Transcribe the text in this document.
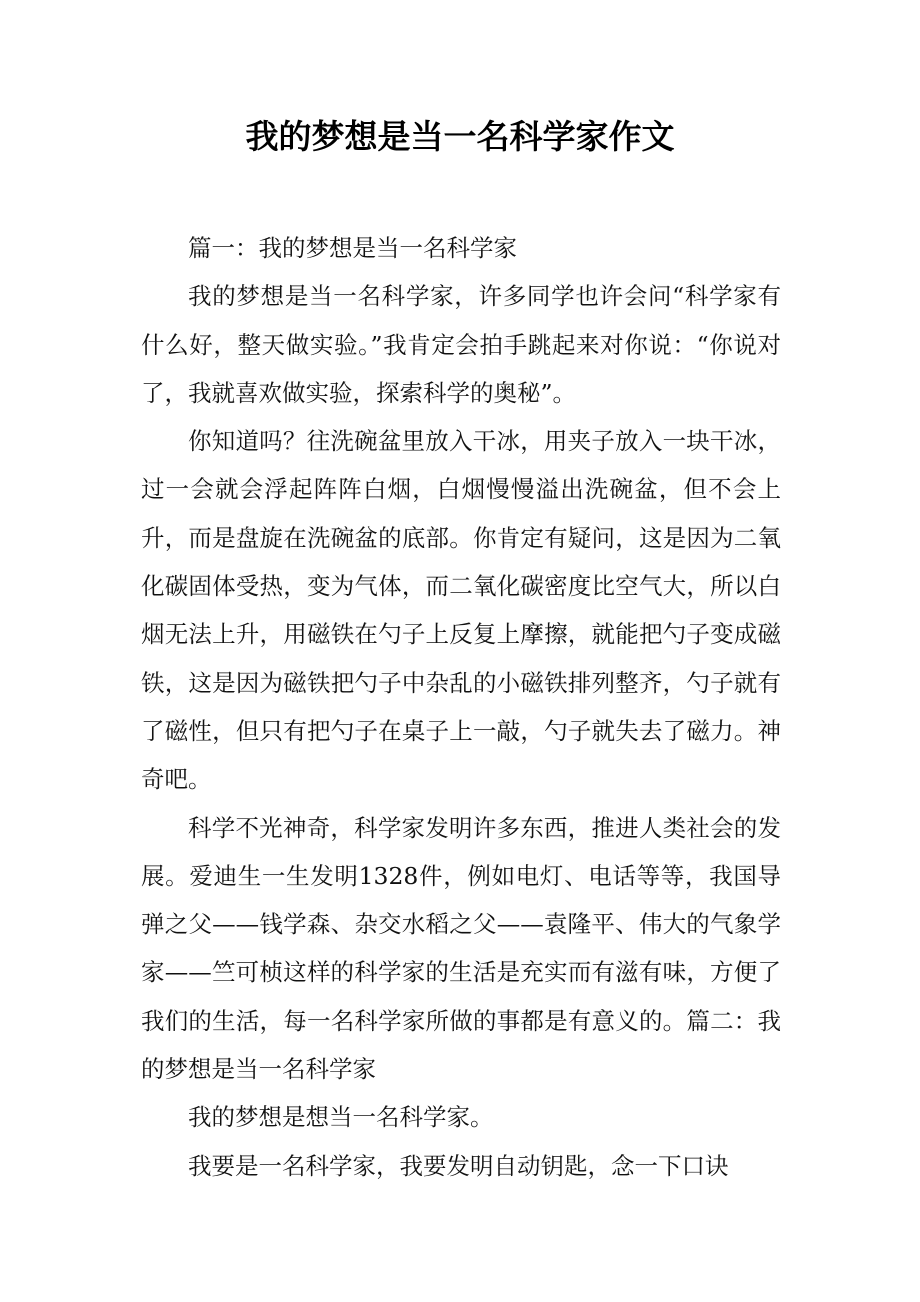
我的梦想是当一名科学家作文

篇一：我的梦想是当一名科学家

我的梦想是当一名科学家，许多同学也许会问“科学家有什么好，整天做实验。”我肯定会拍手跳起来对你说：“你说对了，我就喜欢做实验，探索科学的奥秘”。

你知道吗？往洗碗盆里放入干冰，用夹子放入一块干冰，过一会就会浮起阵阵白烟，白烟慢慢溢出洗碗盆，但不会上升，而是盘旋在洗碗盆的底部。你肯定有疑问，这是因为二氧化碳固体受热，变为气体，而二氧化碳密度比空气大，所以白烟无法上升，用磁铁在勺子上反复上摩擦，就能把勺子变成磁铁，这是因为磁铁把勺子中杂乱的小磁铁排列整齐，勺子就有了磁性，但只有把勺子在桌子上一敲，勺子就失去了磁力。神奇吧。

科学不光神奇，科学家发明许多东西，推进人类社会的发展。爱迪生一生发明1328件，例如电灯、电话等等，我国导弹之父——钱学森、杂交水稻之父——袁隆平、伟大的气象学家——竺可桢这样的科学家的生活是充实而有滋有味，方便了我们的生活，每一名科学家所做的事都是有意义的。篇二：我的梦想是当一名科学家

我的梦想是想当一名科学家。

我要是一名科学家，我要发明自动钥匙，念一下口诀
